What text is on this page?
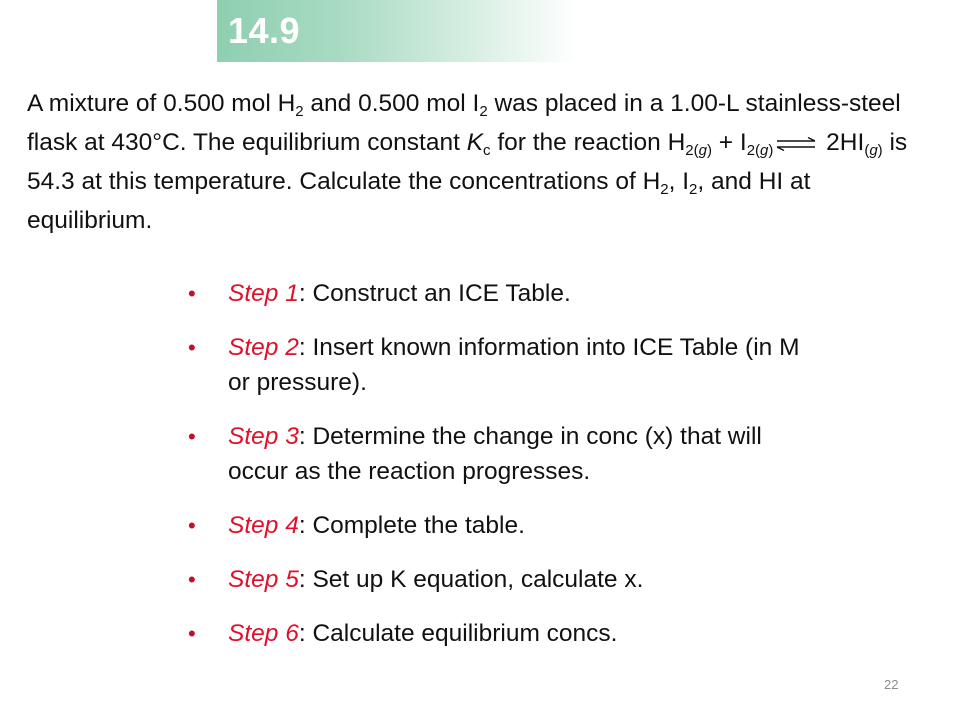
14.9
A mixture of 0.500 mol $H_2$ and 0.500 mol $I_2$ was placed in a 1.00-L stainless-steel flask at 430°C. The equilibrium constant $K_c$ for the reaction $H_{2(g)} + I_{2(g)}$ ⇌ $2HI_{(g)}$ is 54.3 at this temperature. Calculate the concentrations of $H_2$, $I_2$, and HI at equilibrium.
• Step 1: Construct an ICE Table.
• Step 2: Insert known information into ICE Table (in M or pressure).
• Step 3: Determine the change in conc (x) that will occur as the reaction progresses.
• Step 4: Complete the table.
• Step 5: Set up K equation, calculate x.
• Step 6: Calculate equilibrium concs.
22
